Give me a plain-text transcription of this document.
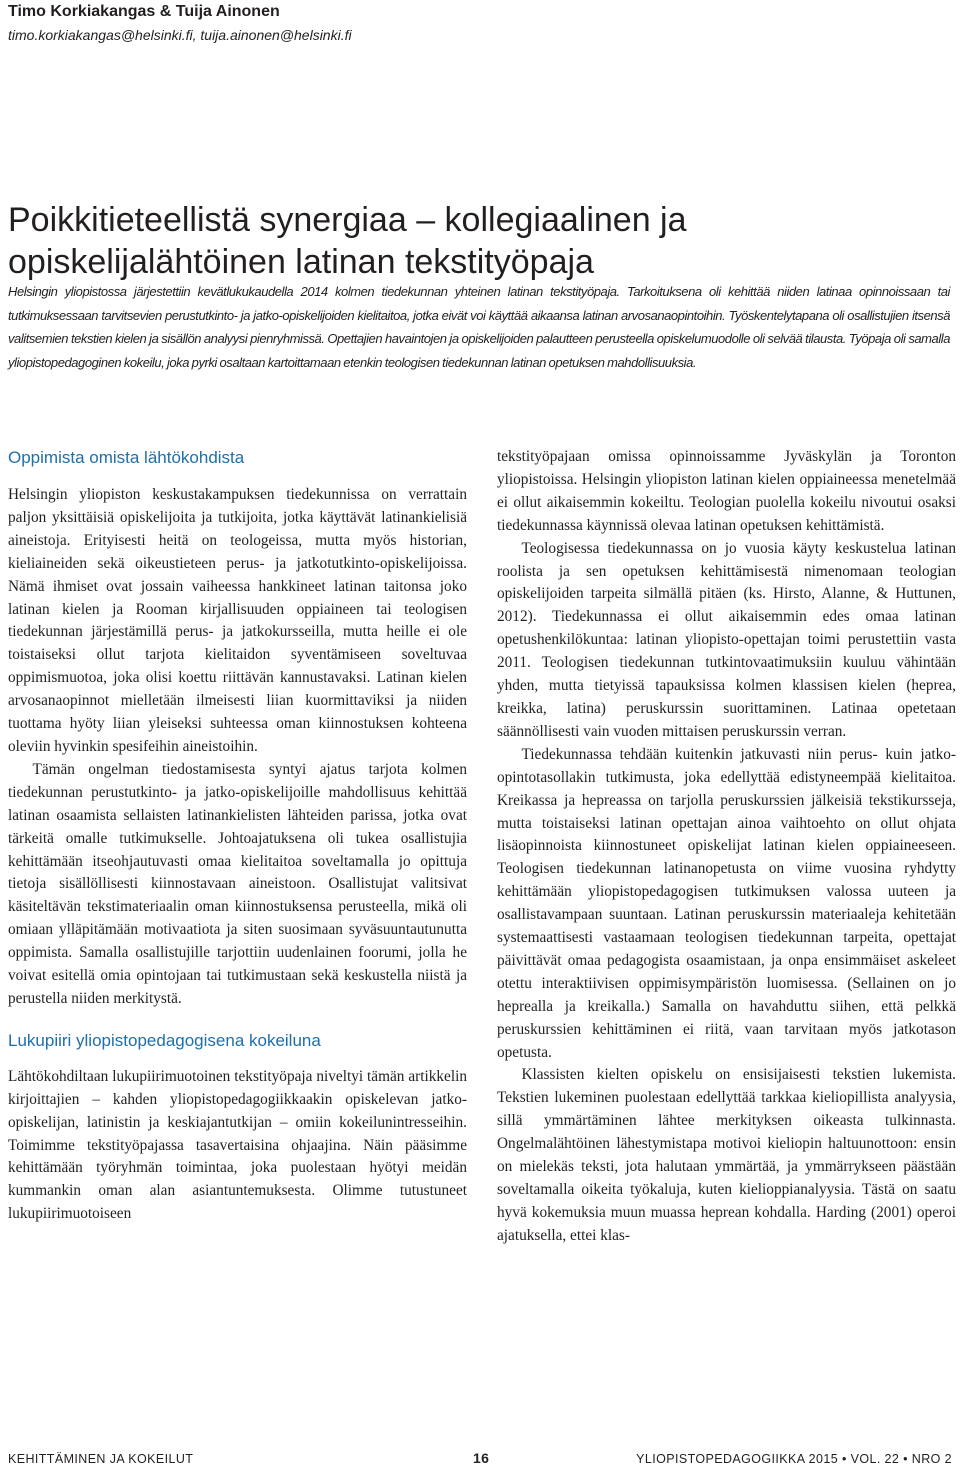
Timo Korkiakangas & Tuija Ainonen
timo.korkiakangas@helsinki.fi, tuija.ainonen@helsinki.fi
Poikkitieteellistä synergiaa – kollegiaalinen ja opiskelijalähtöinen latinan tekstityöpaja
Helsingin yliopistossa järjestettiin kevätlukukaudella 2014 kolmen tiedekunnan yhteinen latinan tekstityöpaja. Tarkoituksena oli kehittää niiden latinaa opinnoissaan tai tutkimuksessaan tarvitsevien perustutkinto- ja jatko-opiskelijoiden kielitaitoa, jotka eivät voi käyttää aikaansa latinan arvosanaopintoihin. Työskentelytapana oli osallistujien itsensä valitsemien tekstien kielen ja sisällön analyysi pienryhmissä. Opettajien havaintojen ja opiskelijoiden palautteen perusteella opiskelumuodolle oli selvää tilausta. Työpaja oli samalla yliopistopedagoginen kokeilu, joka pyrki osaltaan kartoittamaan etenkin teologisen tiedekunnan latinan opetuksen mahdollisuuksia.
Oppimista omista lähtökohdista

Helsingin yliopiston keskustakampuksen tiedekunnissa on verrattain paljon yksittäisiä opiskelijoita ja tutkijoita, jotka käyttävät latinankielisiä aineistoja. Erityisesti heitä on teologeissa, mutta myös historian, kieliaineiden sekä oikeustieteen perus- ja jatkotutkinto-opiskelijoissa. Nämä ihmiset ovat jossain vaiheessa hankkineet latinan taitonsa joko latinan kielen ja Rooman kirjallisuuden oppiaineen tai teologisen tiedekunnan järjestämillä perus- ja jatkokursseilla, mutta heille ei ole toistaiseksi ollut tarjota kielitaidon syventämiseen soveltuvaa oppimismuotoa, joka olisi koettu riittävän kannustavaksi. Latinan kielen arvosanaopinnot mielletään ilmeisesti liian kuormittaviksi ja niiden tuottama hyöty liian yleiseksi suhteessa oman kiinnostuksen kohteena oleviin hyvinkin spesifeihin aineistoihin.

Tämän ongelman tiedostamisesta syntyi ajatus tarjota kolmen tiedekunnan perustutkinto- ja jatko-opiskelijoille mahdollisuus kehittää latinan osaamista sellaisten latinankielisten lähteiden parissa, jotka ovat tärkeitä omalle tutkimukselle. Johtoajatuksena oli tukea osallistujia kehittämään itseohjautuvasti omaa kielitaitoa soveltamalla jo opittuja tietoja sisällöllisesti kiinnostavaan aineistoon. Osallistujat valitsivat käsiteltävän tekstimateriaalin oman kiinnostuksensa perusteella, mikä oli omiaan ylläpitämään motivaatiota ja siten suosimaan syväsuuntautunutta oppimista. Samalla osallistujille tarjottiin uudenlainen foorumi, jolla he voivat esitellä omia opintojaan tai tutkimustaan sekä keskustella niistä ja perustella niiden merkitystä.

Lukupiiri yliopistopedagogisena kokeiluna

Lähtökohdiltaan lukupiirimuotoinen tekstityöpaja niveltyi tämän artikkelin kirjoittajien – kahden yliopistopedagogiikkaakin opiskelevan jatko-opiskelijan, latinistin ja keskiajantutkijan – omiin kokeilunintresseihin. Toimimme tekstityöpajassa tasavertaisina ohjaajina. Näin pääsimme kehittämään työryhmän toimintaa, joka puolestaan hyötyi meidän kummankin oman alan asiantuntemuksesta. Olimme tutustuneet lukupiirimuotoiseen

tekstityöpajaan omissa opinnoissamme Jyväskylän ja Toronton yliopistoissa. Helsingin yliopiston latinan kielen oppiaineessa menetelmää ei ollut aikaisemmin kokeiltu. Teologian puolella kokeilu nivoutui osaksi tiedekunnassa käynnissä olevaa latinan opetuksen kehittämistä.

Teologisessa tiedekunnassa on jo vuosia käyty keskustelua latinan roolista ja sen opetuksen kehittämisestä nimenomaan teologian opiskelijoiden tarpeita silmällä pitäen (ks. Hirsto, Alanne, & Huttunen, 2012). Tiedekunnassa ei ollut aikaisemmin edes omaa latinan opetushenkilökuntaa: latinan yliopisto-opettajan toimi perustettiin vasta 2011. Teologisen tiedekunnan tutkintovaatimuksiin kuuluu vähintään yhden, mutta tietyissä tapauksissa kolmen klassisen kielen (heprea, kreikka, latina) peruskurssin suorittaminen. Latinaa opetetaan säännöllisesti vain vuoden mittaisen peruskurssin verran.

Tiedekunnassa tehdään kuitenkin jatkuvasti niin perus- kuin jatko-opintotasollakin tutkimusta, joka edellyttää edistyneempää kielitaitoa. Kreikassa ja hepreassa on tarjolla peruskurssien jälkeisiä tekstikursseja, mutta toistaiseksi latinan opettajan ainoa vaihtoehto on ollut ohjata lisäopinnoista kiinnostuneet opiskelijat latinan kielen oppiaineeseen. Teologisen tiedekunnan latinanopetusta on viime vuosina ryhdytty kehittämään yliopistopedagogisen tutkimuksen valossa uuteen ja osallistavampaan suuntaan. Latinan peruskurssin materiaaleja kehitetään systemaattisesti vastaamaan teologisen tiedekunnan tarpeita, opettajat päivittävät omaa pedagogista osaamistaan, ja onpa ensimmäiset askeleet otettu interaktiivisen oppimisympäristön luomisessa. (Sellainen on jo heprealla ja kreikalla.) Samalla on havahduttu siihen, että pelkkä peruskurssien kehittäminen ei riitä, vaan tarvitaan myös jatkotason opetusta.

Klassisten kielten opiskelu on ensisijaisesti tekstien lukemista. Tekstien lukeminen puolestaan edellyttää tarkkaa kieliopillista analyysia, sillä ymmärtäminen lähtee merkityksen oikeasta tulkinnasta. Ongelmalähtöinen lähestymistapa motivoi kieliopin haltuunottoon: ensin on mielekäs teksti, jota halutaan ymmärtää, ja ymmärrykseen päästään soveltamalla oikeita työkaluja, kuten kielioppianalyysia. Tästä on saatu hyvä kokemuksia muun muassa heprean kohdalla. Harding (2001) operoi ajatuksella, ettei klas-

KEHITTÄMINEN JA KOKEILUT	16	YLIOPISTOPEDAGOGIIKKA 2015 • VOL. 22 • NRO 2
